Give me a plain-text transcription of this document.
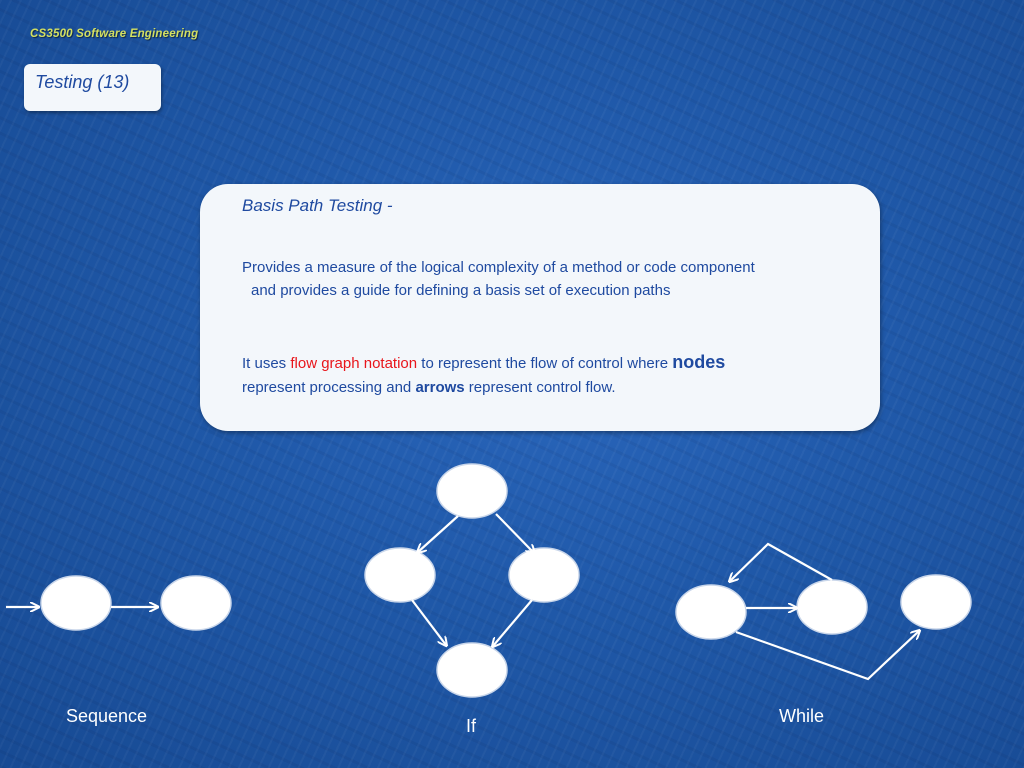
CS3500 Software Engineering
Testing (13)
Basis Path Testing -
Provides a measure of the logical complexity of a method or code component
and provides a guide for defining a basis set of execution paths
It uses flow graph notation to represent the flow of control where nodes
represent processing and arrows represent control flow.
Sequence	If	While
